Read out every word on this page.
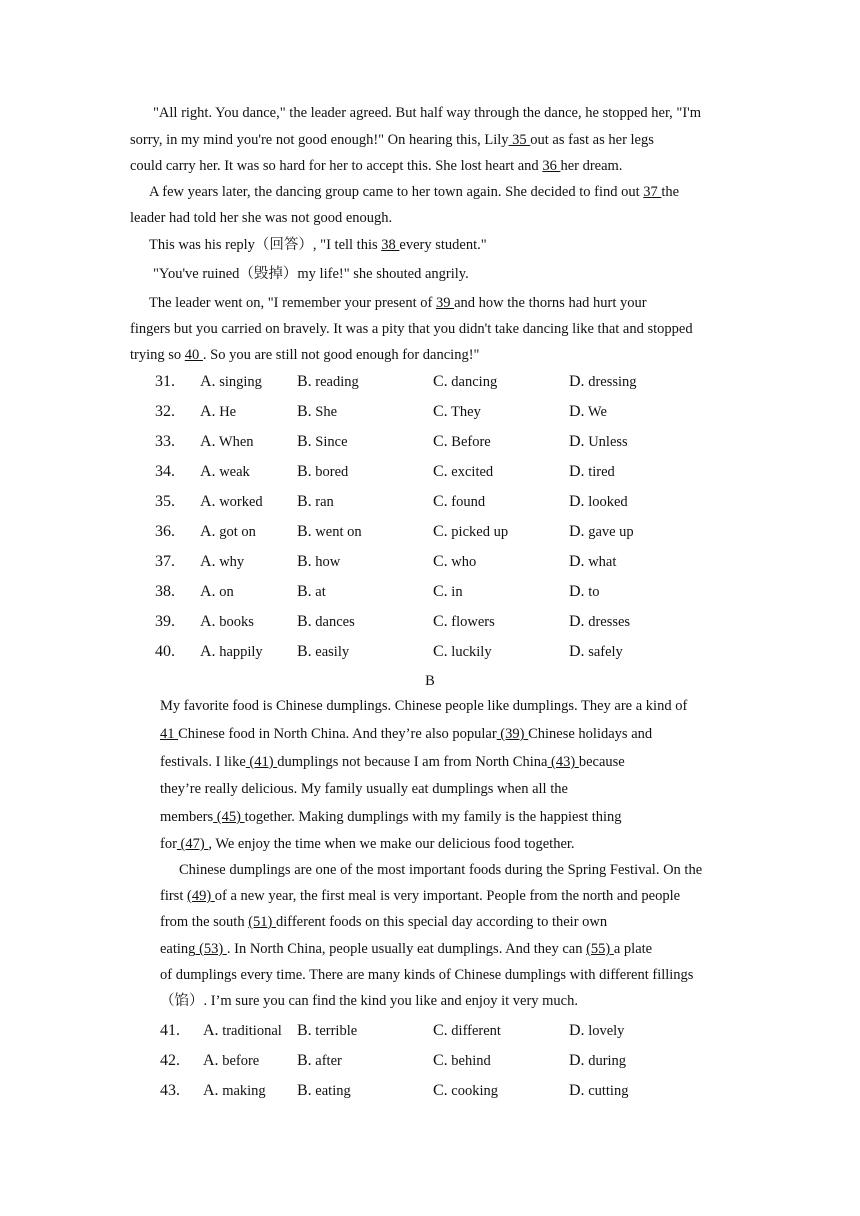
"All right. You dance," the leader agreed. But half way through the dance, he stopped her, "I'm
sorry, in my mind you're not good enough!" On hearing this, Lily 35 out as fast as her legs
could carry her. It was so hard for her to accept this. She lost heart and 36 her dream.
A few years later, the dancing group came to her town again. She decided to find out 37 the
leader had told her she was not good enough.
This was his reply（回答）, "I tell this 38 every student."
"You've ruined（毁掉）my life!" she shouted angrily.
The leader went on, "I remember your present of 39 and how the thorns had hurt your
fingers but you carried on bravely. It was a pity that you didn't take dancing like that and stopped
trying so 40 . So you are still not good enough for dancing!"
31. A. singing B. reading	C. dancing	D. dressing
32. A. He	B. She	C. They	D. We
33. A. When	B. Since	C. Before	D. Unless
34. A. weak	B. bored	C. excited	D. tired
35. A. worked B. ran	C. found	D. looked
36. A. got on	B. went on	C. picked up	D. gave up
37. A. why	B. how	C. who	D. what
38. A. on	B. at	C. in	D. to
39. A. books	B. dances	C. flowers	D. dresses
40. A. happily B. easily	C. luckily	D. safely
B
My favorite food is Chinese dumplings. Chinese people like dumplings. They are a kind of
41 Chinese food in North China. And they’re also popular (39) Chinese holidays and
festivals. I like (41) dumplings not because I am from North China (43) because
they’re really delicious. My family usually eat dumplings when all the
members (45) together. Making dumplings with my family is the happiest thing
for (47) , We enjoy the time when we make our delicious food together.
Chinese dumplings are one of the most important foods during the Spring Festival. On the
first (49) of a new year, the first meal is very important. People from the north and people
from the south (51) different foods on this special day according to their own
eating (53) . In North China, people usually eat dumplings. And they can (55) a plate
of dumplings every time. There are many kinds of Chinese dumplings with different fillings
（馅）. I’m sure you can find the kind you like and enjoy it very much.
41. A. traditional B. terrible	C. different	D. lovely
42. A. before B. after	C. behind	D. during
43. A. making B. eating	C. cooking	D. cutting
